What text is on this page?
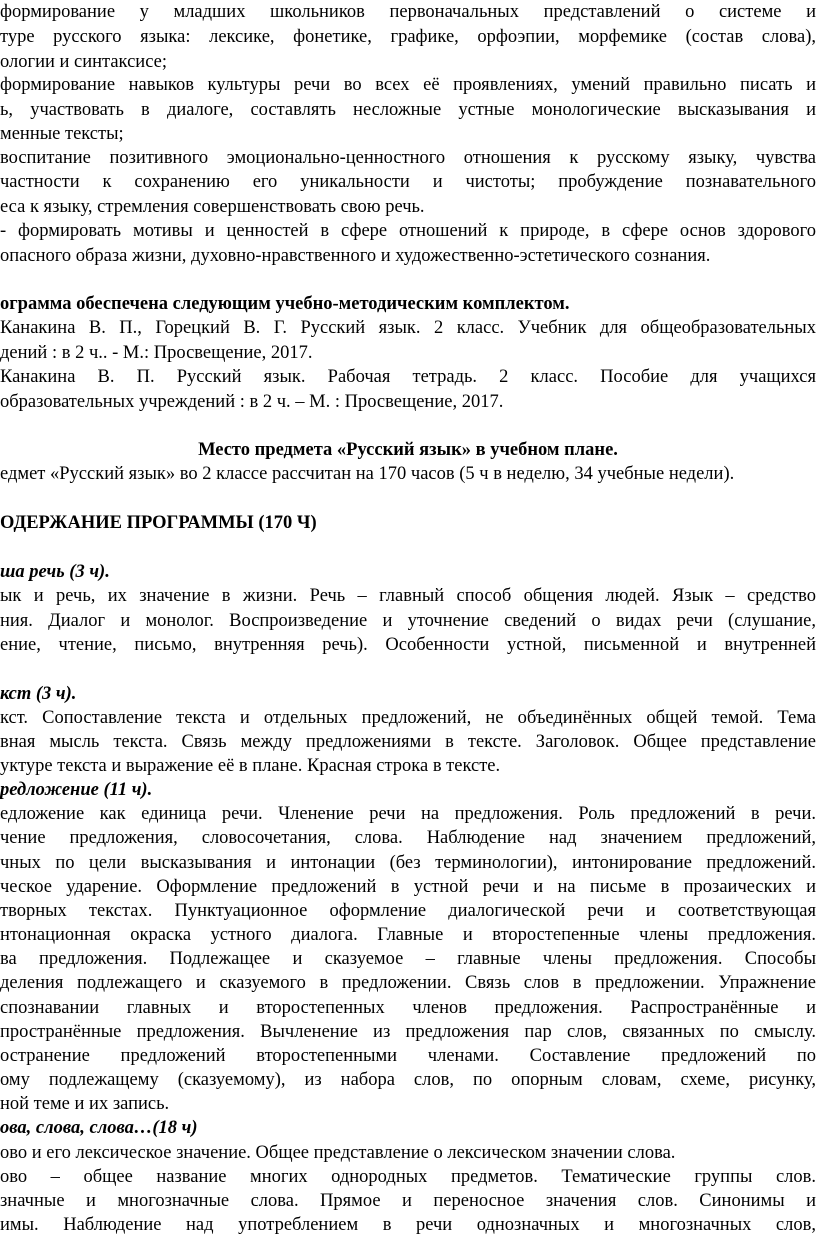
формирование у младших школьников первоначальных представлений о системе и
туре русского языка: лексике, фонетике, графике, орфоэпии, морфемике (состав слова),
ологии и синтаксисе;
формирование навыков культуры речи во всех её проявлениях, умений правильно писать и
ь, участвовать в диалоге, составлять несложные устные монологические высказывания и
менные тексты;
воспитание позитивного эмоционально-ценностного отношения к русскому языку, чувства
частности к сохранению его уникальности и чистоты; пробуждение познавательного
еса к языку, стремления совершенствовать свою речь.
- формировать мотивы и ценностей в сфере отношений к природе, в сфере основ здорового
опасного образа жизни, духовно-нравственного и художественно-эстетического сознания.
ограмма обеспечена следующим учебно-методическим комплектом.
Канакина В. П., Горецкий В. Г. Русский язык. 2 класс. Учебник для общеобразовательных
дений : в 2 ч.. - М.: Просвещение, 2017.
Канакина В. П. Русский язык. Рабочая тетрадь. 2 класс. Пособие для учащихся
образовательных учреждений : в 2 ч. – М. : Просвещение, 2017.
Место предмета «Русский язык» в учебном плане.
едмет «Русский язык» во 2 классе рассчитан на 170 часов (5 ч в неделю, 34 учебные недели).
ОДЕРЖАНИЕ ПРОГРАММЫ (170 Ч)
ша речь (3 ч).
ык и речь, их значение в жизни. Речь – главный способ общения людей. Язык – средство
ния. Диалог и монолог. Воспроизведение и уточнение сведений о видах речи (слушание,
ение, чтение, письмо, внутренняя речь). Особенности устной, письменной и внутренней
кст (3 ч).
кст. Сопоставление текста и отдельных предложений, не объединённых общей темой. Тема
вная мысль текста. Связь между предложениями в тексте. Заголовок. Общее представление
уктуре текста и выражение её в плане. Красная строка в тексте.
редложение (11 ч).
едложение как единица речи. Членение речи на предложения. Роль предложений в речи.
чение предложения, словосочетания, слова. Наблюдение над значением предложений,
чных по цели высказывания и интонации (без терминологии), интонирование предложений.
ческое ударение. Оформление предложений в устной речи и на письме в прозаических и
творных текстах. Пунктуационное оформление диалогической речи и соответствующая
нтонационная окраска устного диалога. Главные и второстепенные члены предложения.
ва предложения. Подлежащее и сказуемое – главные члены предложения. Способы
деления подлежащего и сказуемого в предложении. Связь слов в предложении. Упражнение
спознавании главных и второстепенных членов предложения. Распространённые и
пространённые предложения. Вычленение из предложения пар слов, связанных по смыслу.
остранение предложений второстепенными членами. Составление предложений по
ому подлежащему (сказуемому), из набора слов, по опорным словам, схеме, рисунку,
ной теме и их запись.
ова, слова, слова…(18 ч)
ово и его лексическое значение. Общее представление о лексическом значении слова.
ово – общее название многих однородных предметов. Тематические группы слов.
значные и многозначные слова. Прямое и переносное значения слов. Синонимы и
имы. Наблюдение над употреблением в речи однозначных и многозначных слов,
